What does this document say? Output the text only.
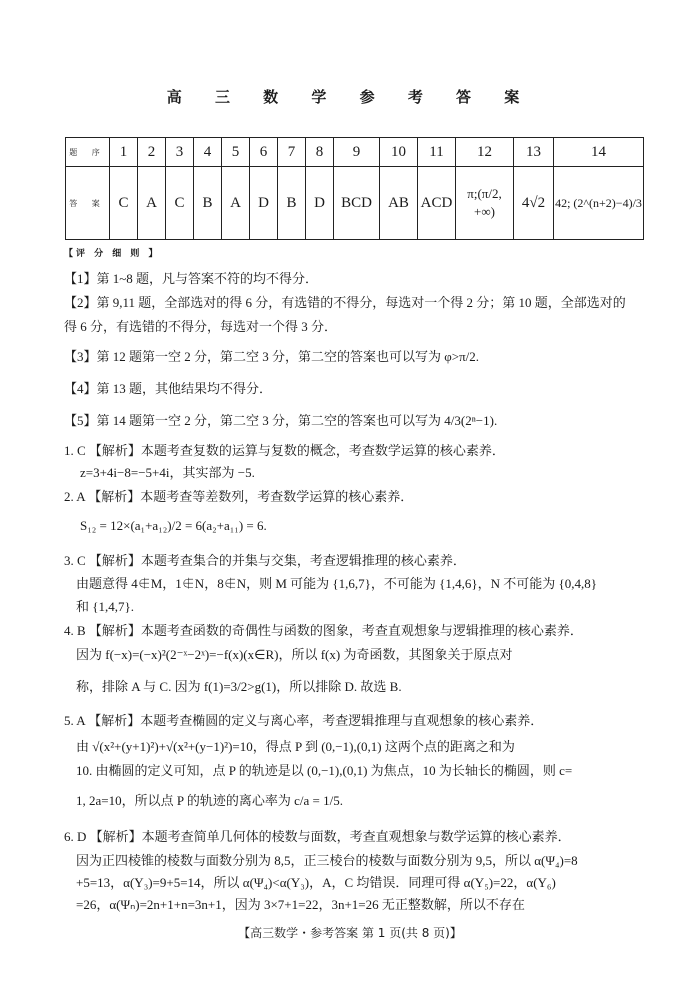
高 三 数 学 参 考 答 案
题 序	1	2	3	4	5	6	7	8	9	10	11	12	13	14
答 案	C	A	C	B	A	D	B	D	BCD	AB	ACD	π;(π/2, +∞)	4√2	42; (2^(n+2)−4)/3
【评 分 细 则 】
【1】第 1~8 题，凡与答案不符的均不得分．
【2】第 9,11 题，全部选对的得 6 分，有选错的不得分，每选对一个得 2 分；第 10 题，全部选对的
得 6 分，有选错的不得分，每选对一个得 3 分．
【3】第 12 题第一空 2 分，第二空 3 分，第二空的答案也可以写为 φ>π/2.
【4】第 13 题，其他结果均不得分．
【5】第 14 题第一空 2 分，第二空 3 分，第二空的答案也可以写为 4/3(2ⁿ−1).
1. C 【解析】本题考查复数的运算与复数的概念，考查数学运算的核心素养．
z=3+4i−8=−5+4i，其实部为 −5.
2. A 【解析】本题考查等差数列，考查数学运算的核心素养．
S₁₂ = 12×(a₁+a₁₂)/2 = 6(a₂+a₁₁) = 6.
3. C 【解析】本题考查集合的并集与交集，考查逻辑推理的核心素养．
由题意得 4∉M，1∉N，8∉N，则 M 可能为 {1,6,7}，不可能为 {1,4,6}，N 不可能为 {0,4,8}
和 {1,4,7}.
4. B 【解析】本题考查函数的奇偶性与函数的图象，考查直观想象与逻辑推理的核心素养．
因为 f(−x)=(−x)²(2⁻ˣ−2ˣ)=−f(x)(x∈R)，所以 f(x) 为奇函数，其图象关于原点对
称，排除 A 与 C. 因为 f(1)=3/2>g(1)，所以排除 D. 故选 B.
5. A 【解析】本题考查椭圆的定义与离心率，考查逻辑推理与直观想象的核心素养．
由 √(x²+(y+1)²)+√(x²+(y−1)²)=10，得点 P 到 (0,−1),(0,1) 这两个点的距离之和为
10. 由椭圆的定义可知，点 P 的轨迹是以 (0,−1),(0,1) 为焦点，10 为长轴长的椭圆，则 c=
1, 2a=10，所以点 P 的轨迹的离心率为 c/a = 1/5.
6. D 【解析】本题考查简单几何体的棱数与面数，考查直观想象与数学运算的核心素养．
因为正四棱锥的棱数与面数分别为 8,5，正三棱台的棱数与面数分别为 9,5，所以 α(Ψ₄)=8
+5=13，α(Υ₃)=9+5=14，所以 α(Ψ₄)<α(Υ₃)，A，C 均错误．同理可得 α(Υ₅)=22，α(Υ₆)
=26，α(Ψₙ)=2n+1+n=3n+1，因为 3×7+1=22，3n+1=26 无正整数解，所以不存在
【高三数学・参考答案 第 1 页(共 8 页)】
